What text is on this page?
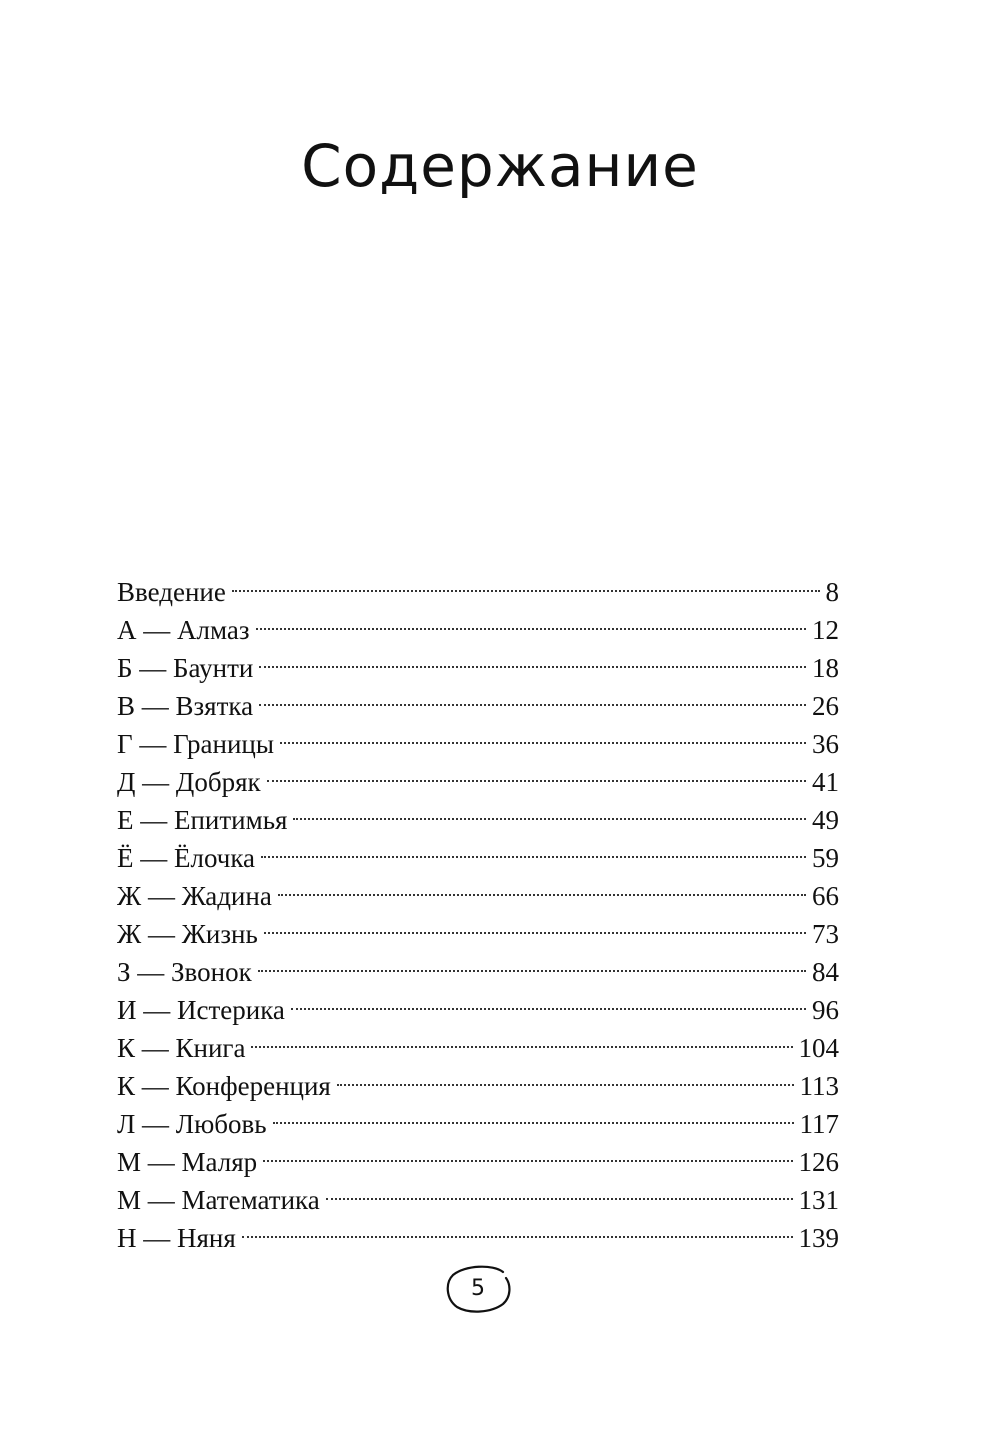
Содержание
Введение	8
А — Алмаз	12
Б — Баунти	18
В — Взятка	26
Г — Границы	36
Д — Добряк	41
Е — Епитимья	49
Ё — Ёлочка	59
Ж — Жадина	66
Ж — Жизнь	73
З — Звонок	84
И — Истерика	96
К — Книга	104
К — Конференция	113
Л — Любовь	117
М — Маляр	126
М — Математика	131
Н — Няня	139
5
